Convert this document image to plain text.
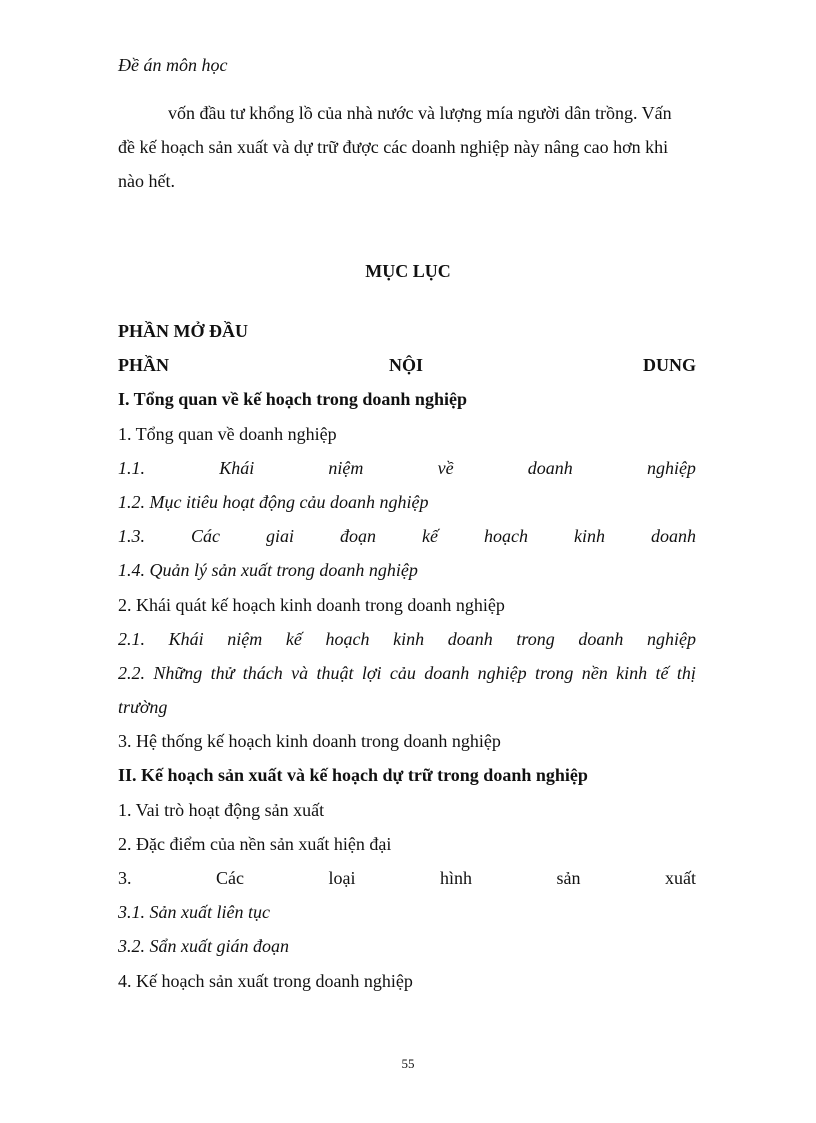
Đề án môn học
vốn đầu tư khổng lồ của nhà nước và lượng mía người dân trồng. Vấn
đề kế hoạch sản xuất và dự trữ được các doanh nghiệp này nâng cao hơn khi
nào hết.
MỤC LỤC
PHẦN MỞ ĐẦU
PHẦN	NỘI	DUNG
I. Tổng quan về kế hoạch trong doanh nghiệp
1. Tổng quan về doanh nghiệp
1.1.	Khái	niệm	về	doanh	nghiệp
1.2. Mục itiêu hoạt động cảu doanh nghiệp
1.3.	Các	giai	đoạn	kế	hoạch	kinh	doanh
1.4. Quản lý sản xuất trong doanh nghiệp
2. Khái quát kế hoạch kinh doanh trong doanh nghiệp
2.1. Khái niệm kế hoạch kinh doanh trong doanh nghiệp
2.2. Những thử thách và thuật lợi cảu doanh nghiệp trong nền kinh tế thị
trường
3. Hệ thống kế hoạch kinh doanh trong doanh nghiệp
II. Kế hoạch sản xuất và kế hoạch dự trữ trong doanh nghiệp
1. Vai trò hoạt động sản xuất
2. Đặc điểm của nền sản xuất hiện đại
3.	Các	loại	hình	sản	xuất
3.1. Sản xuất liên tục
3.2. Sẩn xuất gián đoạn
4. Kế hoạch sản xuất trong doanh nghiệp
55
